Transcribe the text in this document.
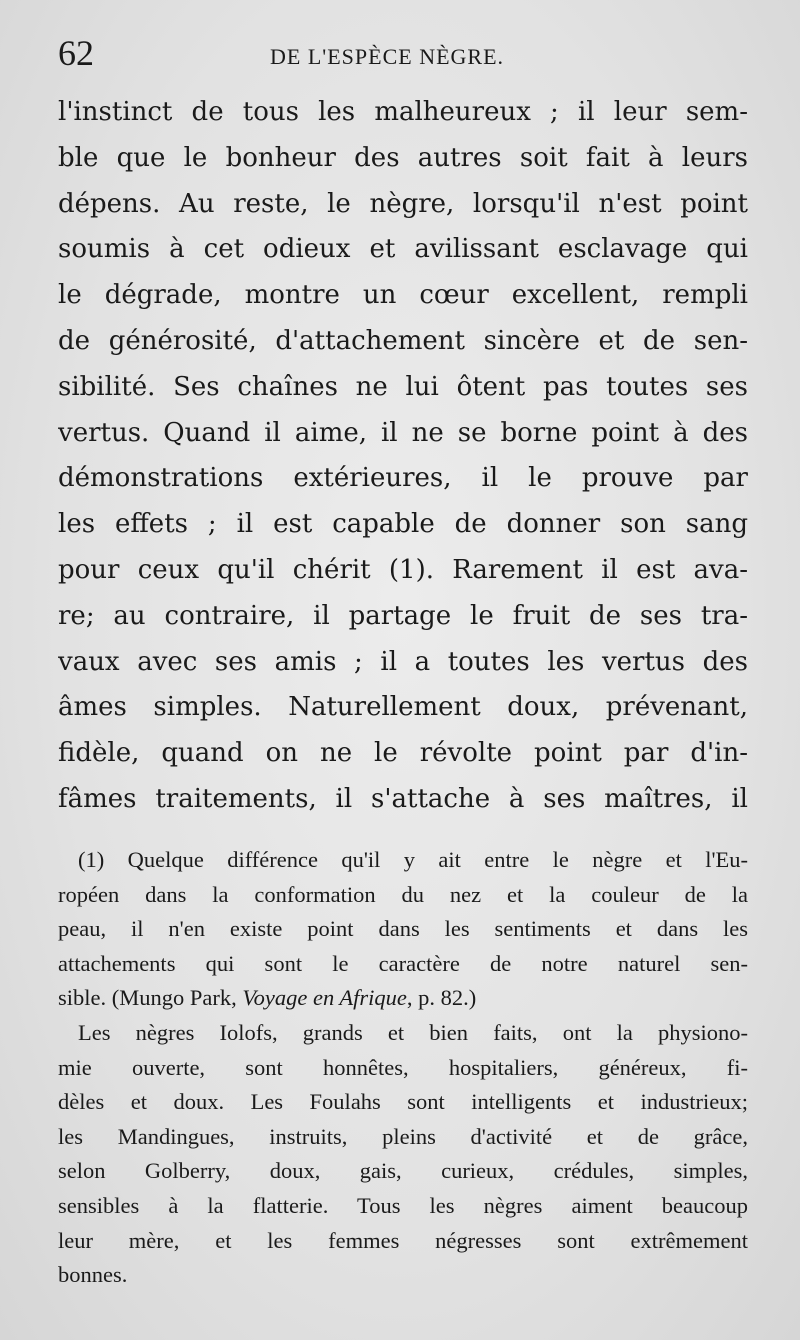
62	DE L'ESPÈCE NÈGRE.
l'instinct de tous les malheureux ; il leur sem-
ble que le bonheur des autres soit fait à leurs
dépens. Au reste, le nègre, lorsqu'il n'est point
soumis à cet odieux et avilissant esclavage qui
le dégrade, montre un cœur excellent, rempli
de générosité, d'attachement sincère et de sen-
sibilité. Ses chaînes ne lui ôtent pas toutes ses
vertus. Quand il aime, il ne se borne point à des
démonstrations extérieures, il le prouve par
les effets ; il est capable de donner son sang
pour ceux qu'il chérit (1). Rarement il est ava-
re; au contraire, il partage le fruit de ses tra-
vaux avec ses amis ; il a toutes les vertus des
âmes simples. Naturellement doux, prévenant,
fidèle, quand on ne le révolte point par d'in-
fâmes traitements, il s'attache à ses maîtres, il
(1) Quelque différence qu'il y ait entre le nègre et l'Eu-
ropéen dans la conformation du nez et la couleur de la
peau, il n'en existe point dans les sentiments et dans les
attachements qui sont le caractère de notre naturel sen-
sible. (Mungo Park, Voyage en Afrique, p. 82.)
Les nègres Iolofs, grands et bien faits, ont la physiono-
mie ouverte, sont honnêtes, hospitaliers, généreux, fi-
dèles et doux. Les Foulahs sont intelligents et industrieux;
les Mandingues, instruits, pleins d'activité et de grâce,
selon Golberry, doux, gais, curieux, crédules, simples,
sensibles à la flatterie. Tous les nègres aiment beaucoup
leur mère, et les femmes négresses sont extrêmement
bonnes.
